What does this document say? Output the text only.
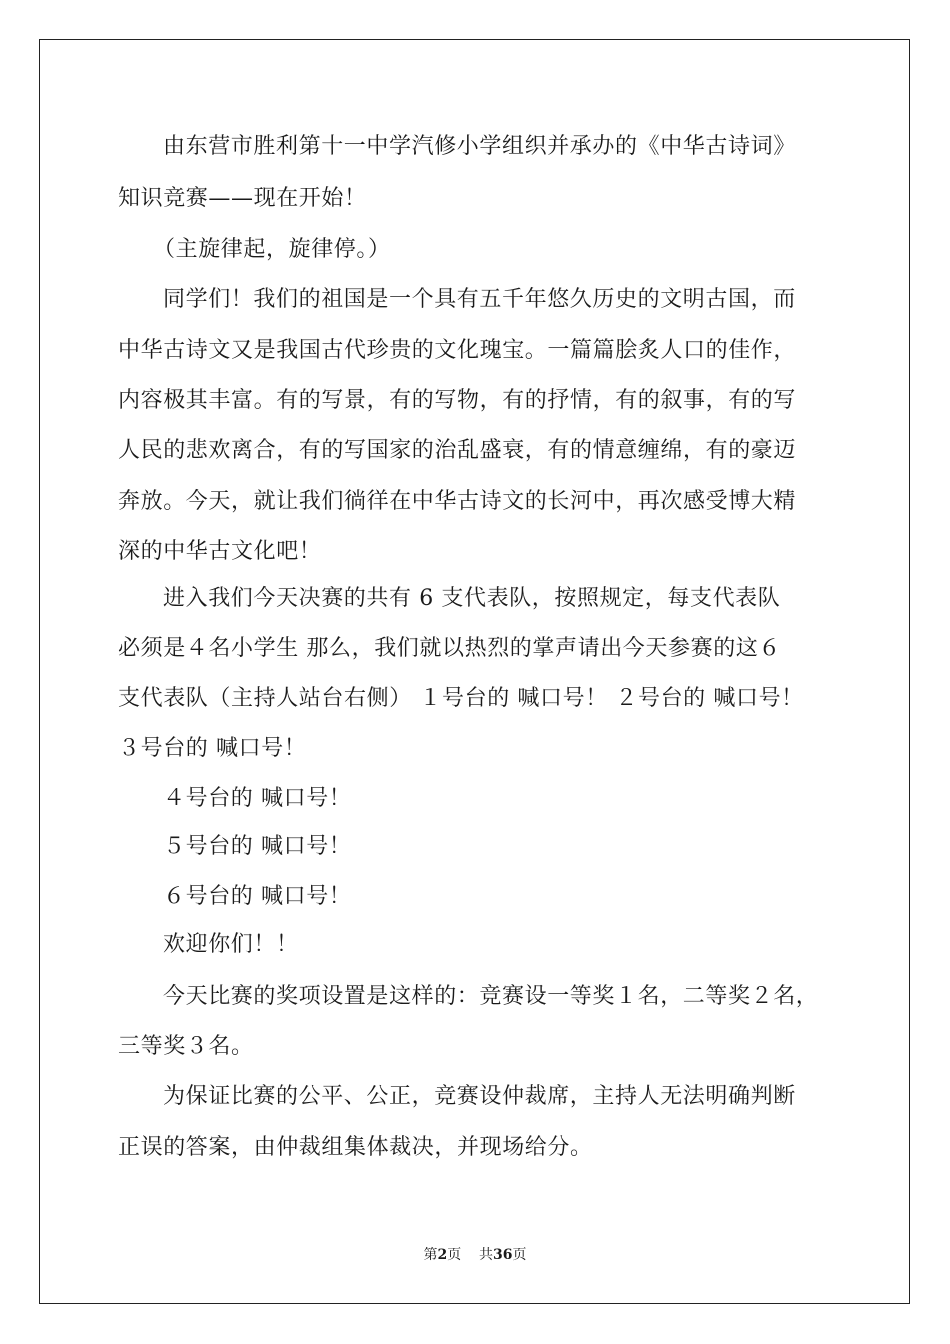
由东营市胜利第十一中学汽修小学组织并承办的《中华古诗词》
知识竞赛——现在开始！
（主旋律起，旋律停。）
同学们！我们的祖国是一个具有五千年悠久历史的文明古国，而
中华古诗文又是我国古代珍贵的文化瑰宝。一篇篇脍炙人口的佳作，
内容极其丰富。有的写景，有的写物，有的抒情，有的叙事，有的写
人民的悲欢离合，有的写国家的治乱盛衰，有的情意缠绵，有的豪迈
奔放。今天，就让我们徜徉在中华古诗文的长河中，再次感受博大精
深的中华古文化吧！
进入我们今天决赛的共有 6 支代表队，按照规定，每支代表队
必须是４名小学生 那么，我们就以热烈的掌声请出今天参赛的这６
支代表队（主持人站台右侧） １号台的 喊口号！ ２号台的 喊口号！
３号台的 喊口号！
４号台的 喊口号！
５号台的 喊口号！
６号台的 喊口号！
欢迎你们！！
今天比赛的奖项设置是这样的：竞赛设一等奖１名，二等奖２名，
三等奖３名。
为保证比赛的公平、公正，竞赛设仲裁席，主持人无法明确判断
正误的答案，由仲裁组集体裁决，并现场给分。
第2页 共36页
